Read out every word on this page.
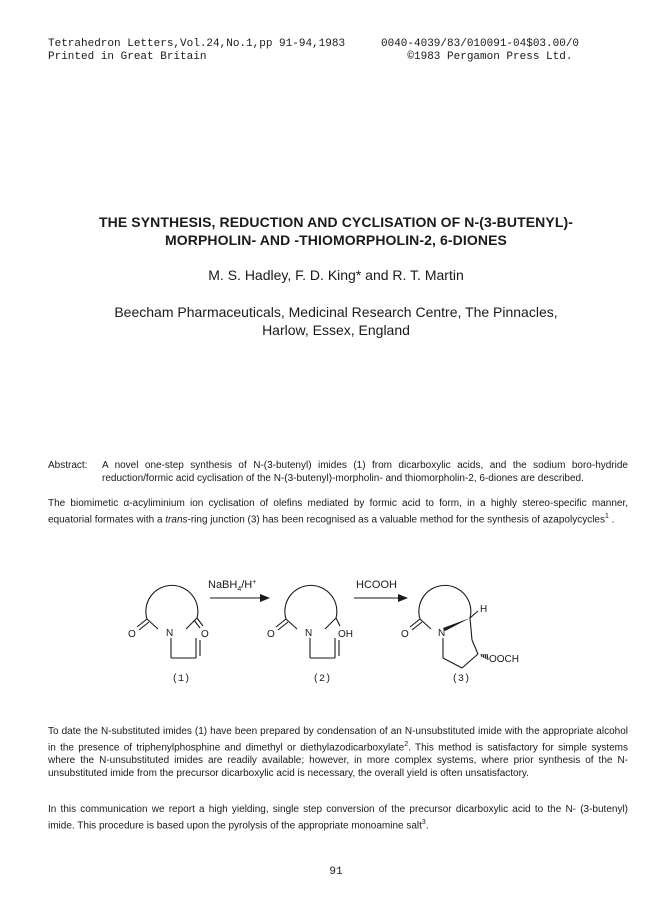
Tetrahedron Letters,Vol.24,No.1,pp 91-94,1983
Printed in Great Britain
0040-4039/83/010091-04$03.00/0
©1983 Pergamon Press Ltd.
THE SYNTHESIS, REDUCTION AND CYCLISATION OF N-(3-BUTENYL)-
MORPHOLIN- AND -THIOMORPHOLIN-2, 6-DIONES
M. S. Hadley, F. D. King* and R. T. Martin
Beecham Pharmaceuticals, Medicinal Research Centre, The Pinnacles,
Harlow, Essex, England
Abstract:	A novel one-step synthesis of N-(3-butenyl) imides (1) from dicarboxylic acids, and the sodium boro-hydride reduction/formic acid cyclisation of the N-(3-butenyl)-morpholin- and thiomorpholin-2, 6-diones are described.
The biomimetic α-acyliminium ion cyclisation of olefins mediated by formic acid to form, in a highly stereo-specific manner, equatorial formates with a trans-ring junction (3) has been recognised as a valuable method for the synthesis of azapolycycles$^1$ .
N
O	O
(1)
NaBH$_4$/H+
N
O	OH
(2)
HCOOH
H
O	N
OOCH
(3)
To date the N-substituted imides (1) have been prepared by condensation of an N-unsubstituted imide with the appropriate alcohol in the presence of triphenylphosphine and dimethyl or diethylazodicarboxylate$^2$. This method is satisfactory for simple systems where the N-unsubstituted imides are readily available; however, in more complex systems, where prior synthesis of the N-unsubstituted imide from the precursor dicarboxylic acid is necessary, the overall yield is often unsatisfactory.
In this communication we report a high yielding, single step conversion of the precursor dicarboxylic acid to the N- (3-butenyl) imide. This procedure is based upon the pyrolysis of the appropriate monoamine salt$^3$.
91
